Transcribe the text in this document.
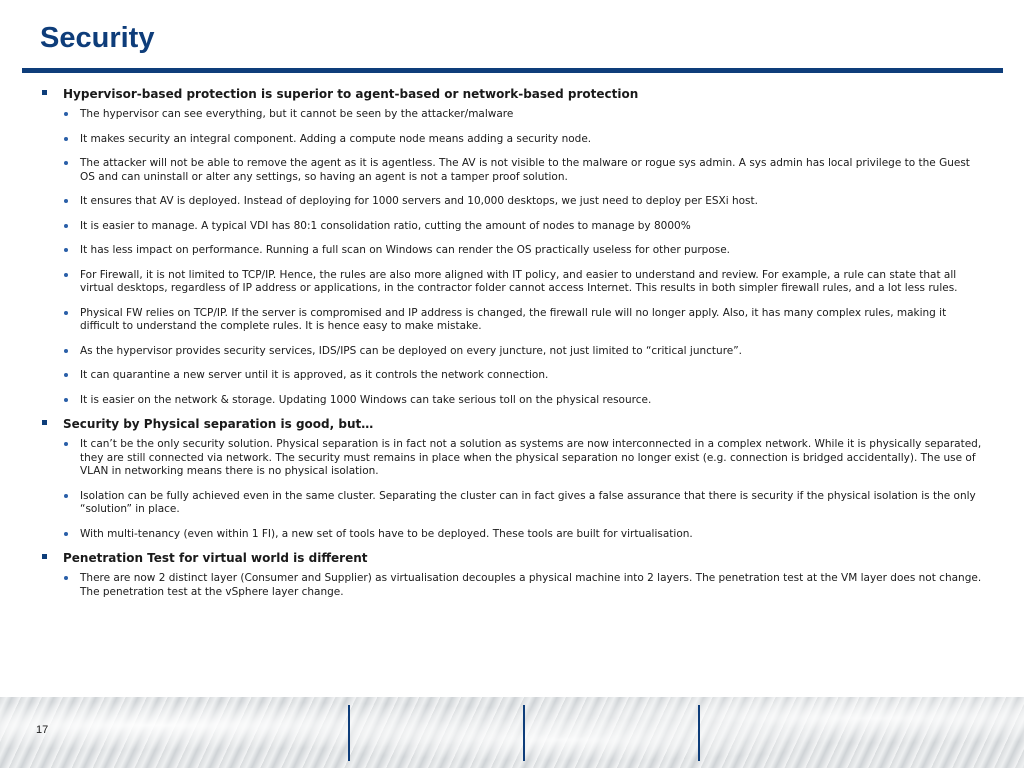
Security
Hypervisor-based protection is superior to agent-based or network-based protection
The hypervisor can see everything, but it cannot be seen by the attacker/malware
It makes security an integral component. Adding a compute node means adding a security node.
The attacker will not be able to remove the agent as it is agentless. The AV is not visible to the malware or rogue sys admin. A sys admin has local privilege to the Guest OS and can uninstall or alter any settings, so having an agent is not a tamper proof solution.
It ensures that AV is deployed. Instead of deploying for 1000 servers and 10,000 desktops, we just need to deploy per ESXi host.
It is easier to manage. A typical VDI has 80:1 consolidation ratio, cutting the amount of nodes to manage by 8000%
It has less impact on performance. Running a full scan on Windows can render the OS practically useless for other purpose.
For Firewall, it is not limited to TCP/IP. Hence, the rules are also more aligned with IT policy, and easier to understand and review. For example, a rule can state that all virtual desktops, regardless of IP address or applications, in the contractor folder cannot access Internet. This results in both simpler firewall rules, and a lot less rules.
Physical FW relies on TCP/IP. If the server is compromised and IP address is changed, the firewall rule will no longer apply. Also, it has many complex rules, making it difficult to understand the complete rules. It is hence easy to make mistake.
As the hypervisor provides security services, IDS/IPS can be deployed on every juncture, not just limited to “critical juncture”.
It can quarantine a new server until it is approved, as it controls the network connection.
It is easier on the network & storage. Updating 1000 Windows can take serious toll on the physical resource.
Security by Physical separation is good, but…
It can’t be the only security solution. Physical separation is in fact not a solution as systems are now interconnected in a complex network. While it is physically separated, they are still connected via network. The security must remains in place when the physical separation no longer exist (e.g. connection is bridged accidentally). The use of VLAN in networking means there is no physical isolation.
Isolation can be fully achieved even in the same cluster. Separating the cluster can in fact gives a false assurance that there is security if the physical isolation is the only “solution” in place.
With multi-tenancy (even within 1 FI), a new set of tools have to be deployed. These tools are built for virtualisation.
Penetration Test for virtual world is different
There are now 2 distinct layer (Consumer and Supplier) as virtualisation decouples a physical machine into 2 layers. The penetration test at the VM layer does not change. The penetration test at the vSphere layer change.
17
